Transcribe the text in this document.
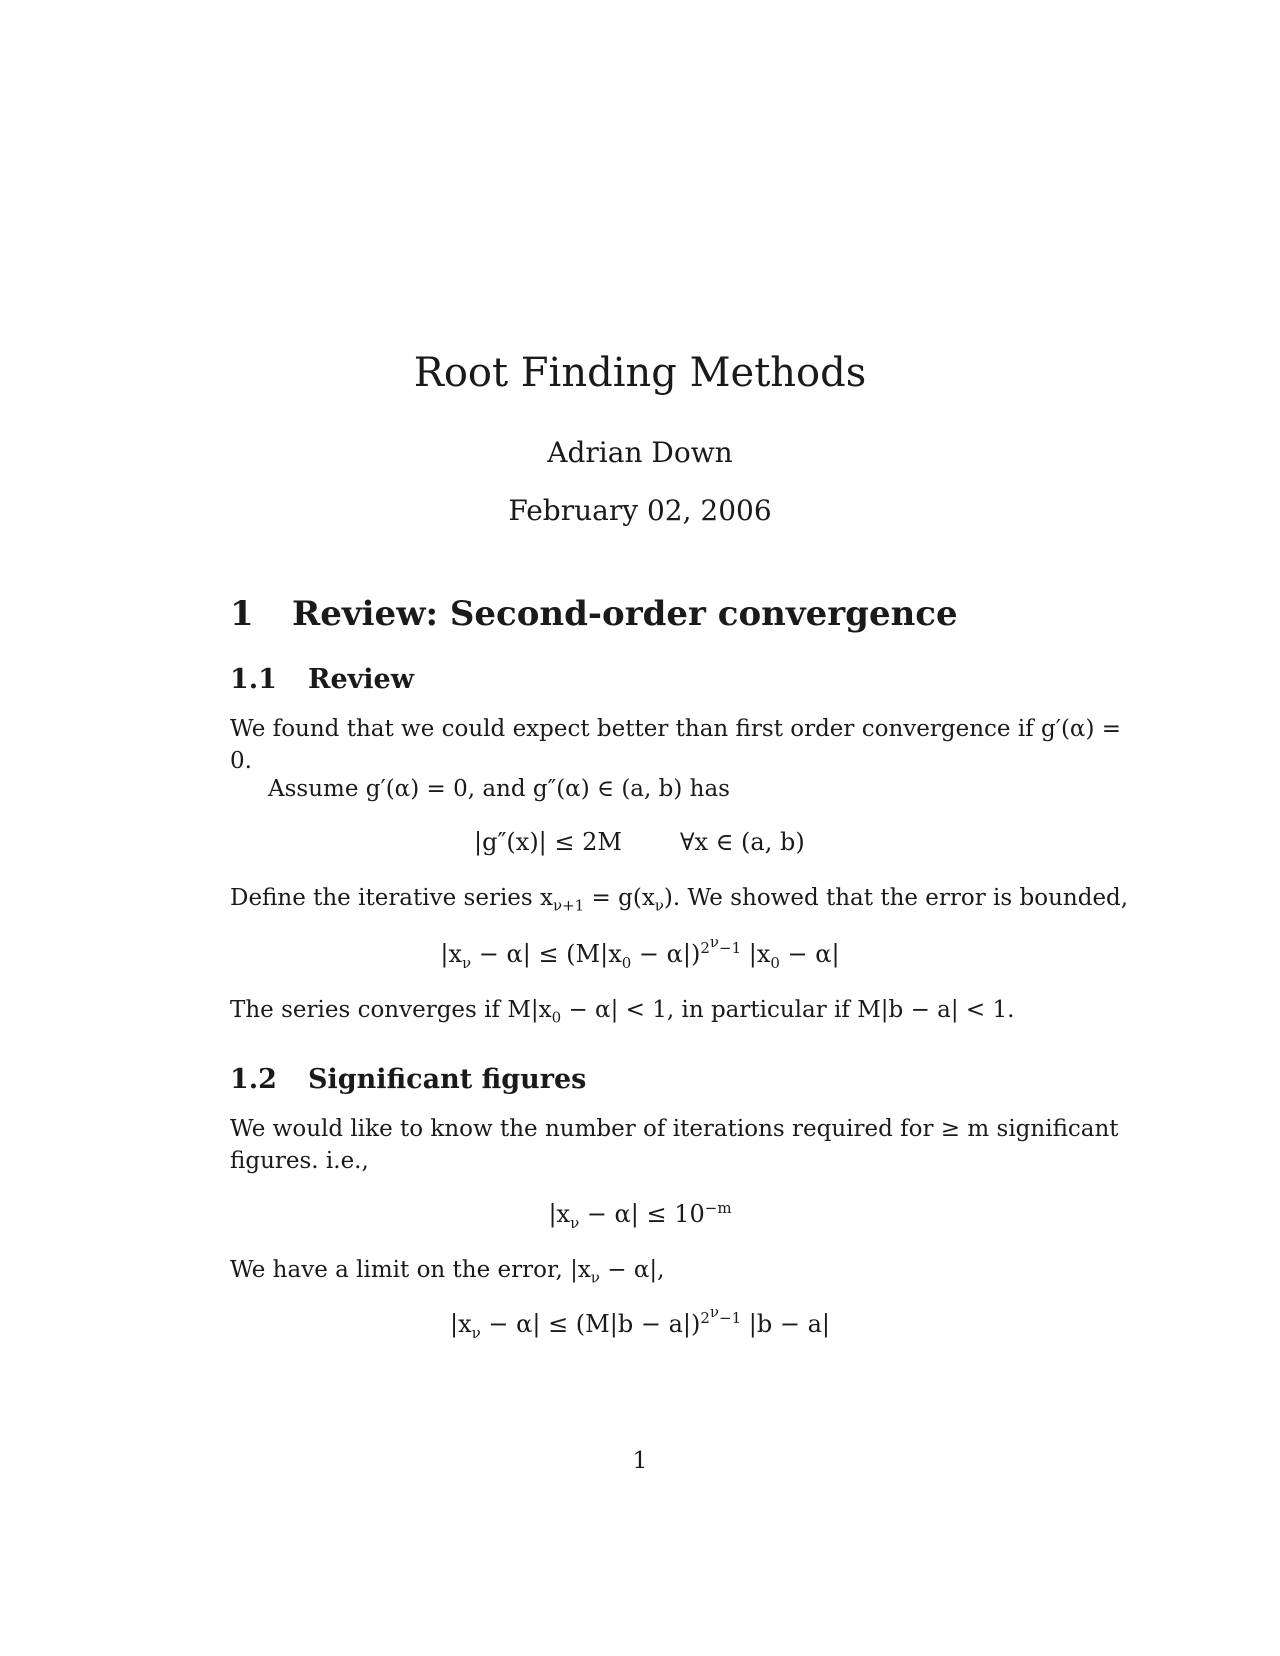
Root Finding Methods
Adrian Down
February 02, 2006
1 Review: Second-order convergence
1.1 Review
We found that we could expect better than first order convergence if g′(α) =
0.
Assume g′(α) = 0, and g″(α) ∈ (a, b) has
|g″(x)| ≤ 2M ∀x ∈ (a, b)
Define the iterative series $x_{\nu+1} = g(x_\nu)$. We showed that the error is bounded,
$|x_\nu - \alpha| \le (M|x_0 - \alpha|)^{2^\nu-1}$ $|x_0 - \alpha|$
The series converges if $M|x_0 - \alpha| < 1$, in particular if M|b − a| < 1.
1.2 Significant figures
We would like to know the number of iterations required for ≥ m significant
figures. i.e.,
$|x_\nu - \alpha| \le 10^{-m}$
We have a limit on the error, $|x_\nu - \alpha|$,
$|x_\nu - \alpha| \le (M|b - a|)^{2^\nu-1}$ |b − a|
1
